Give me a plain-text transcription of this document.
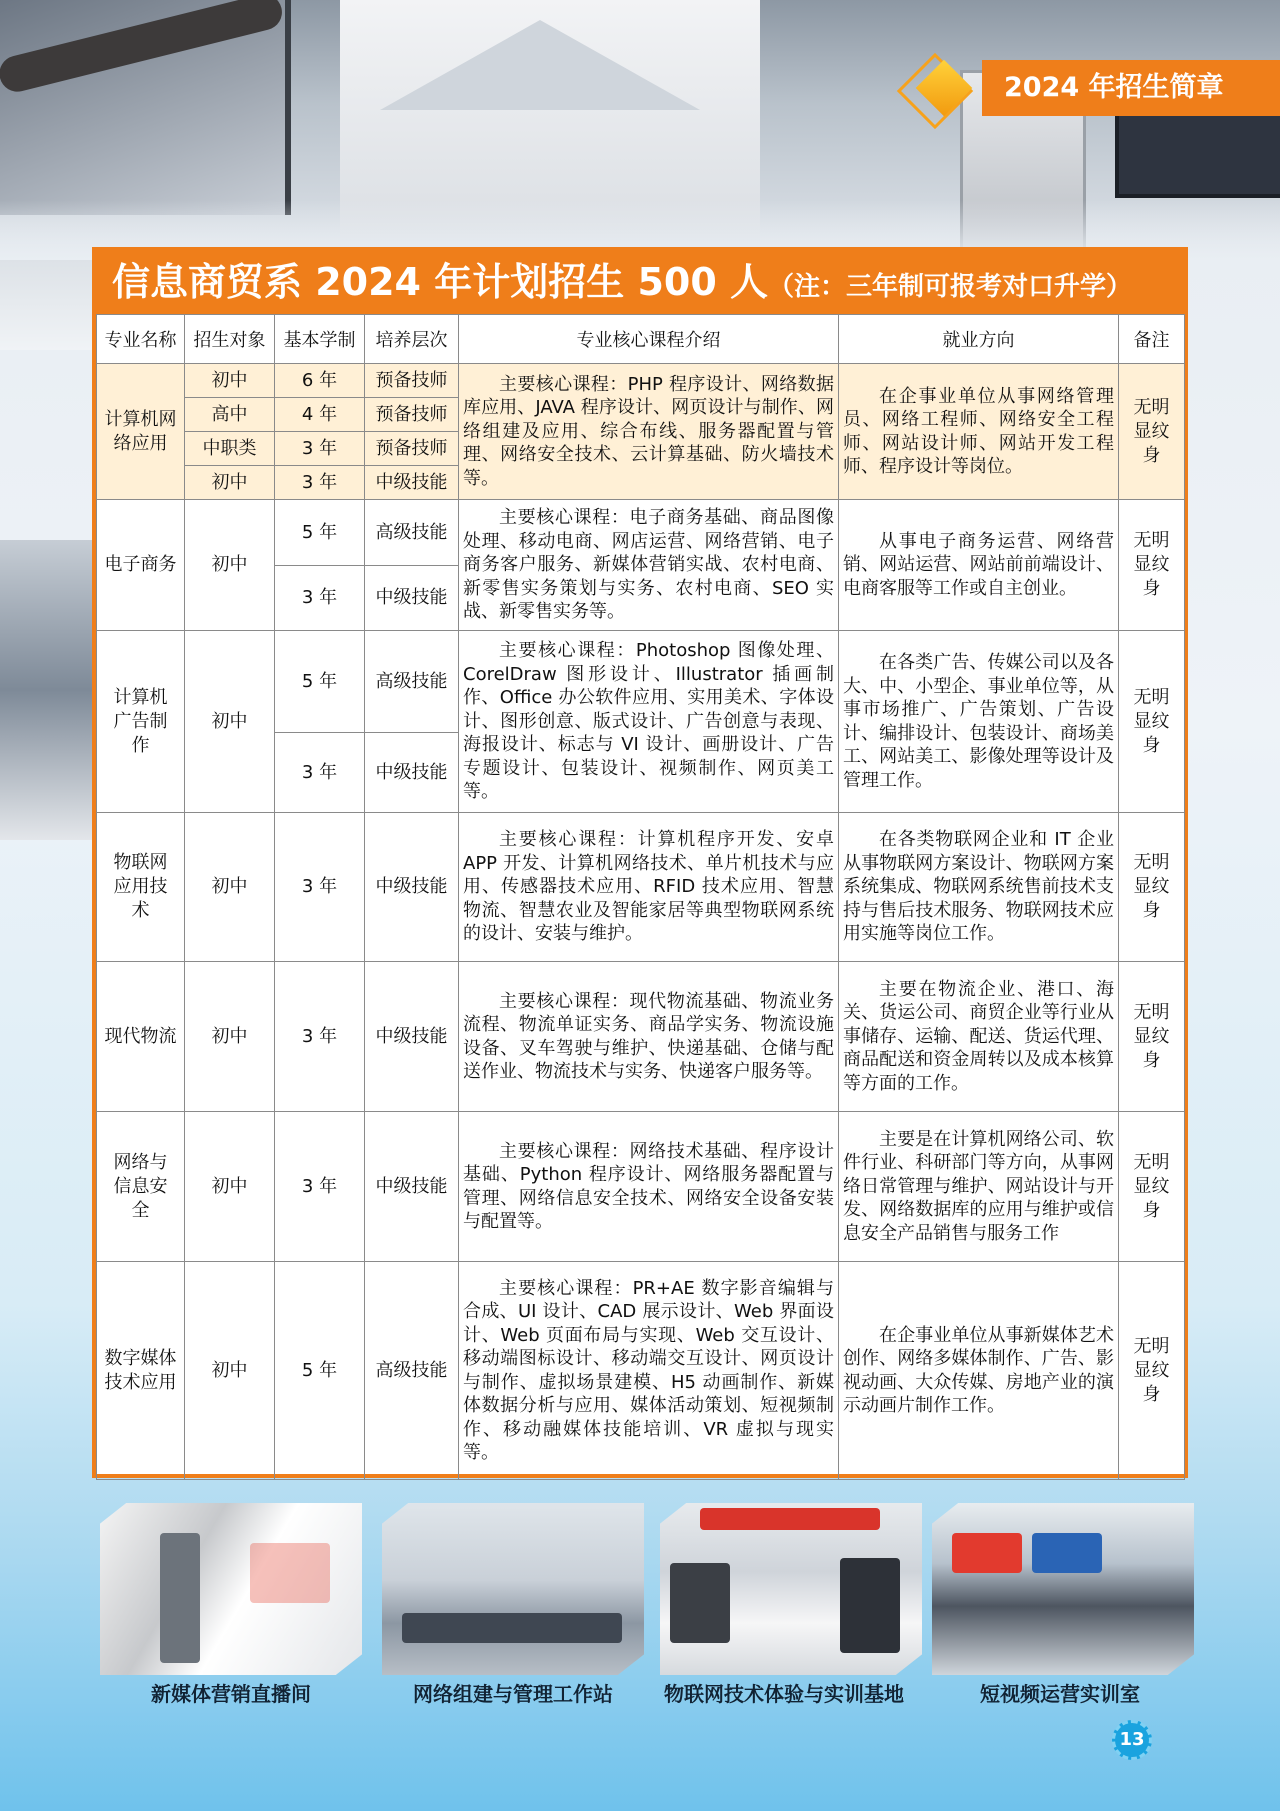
2024 年招生简章
信息商贸系 2024 年计划招生 500 人（注：三年制可报考对口升学）
专业名称	招生对象	基本学制	培养层次	专业核心课程介绍	就业方向	备注

计算机网络应用	初中	6 年	预备技师	主要核心课程：PHP 程序设计、网络数据库应用、JAVA 程序设计、网页设计与制作、网络组建及应用、综合布线、服务器配置与管理、网络安全技术、云计算基础、防火墙技术等。	在企事业单位从事网络管理员、网络工程师、网络安全工程师、网站设计师、网站开发工程师、程序设计等岗位。	无明显纹身

	高中	4 年	预备技师			
	中职类	3 年	预备技师			
	初中	3 年	中级技能			
电子商务	初中	5 年	高级技能	主要核心课程：电子商务基础、商品图像处理、移动电商、网店运营、网络营销、电子商务客户服务、新媒体营销实战、农村电商、新零售实务策划与实务、农村电商、SEO 实战、新零售实务等。	从事电子商务运营、网络营销、网站运营、网站前前端设计、电商客服等工作或自主创业。	无明显纹身

		3 年	中级技能			

计算机广告制作	初中	5 年	高级技能	主要核心课程：Photoshop 图像处理、CorelDraw 图形设计、Illustrator 插画制作、Office 办公软件应用、实用美术、字体设计、图形创意、版式设计、广告创意与表现、海报设计、标志与 VI 设计、画册设计、广告专题设计、包装设计、视频制作、网页美工等。	在各类广告、传媒公司以及各大、中、小型企、事业单位等，从事市场推广、广告策划、广告设计、编排设计、包装设计、商场美工、网站美工、影像处理等设计及管理工作。	无明显纹身

		3 年	中级技能			

物联网应用技术	初中	3 年	中级技能	主要核心课程：计算机程序开发、安卓 APP 开发、计算机网络技术、单片机技术与应用、传感器技术应用、RFID 技术应用、智慧物流、智慧农业及智能家居等典型物联网系统的设计、安装与维护。	在各类物联网企业和 IT 企业从事物联网方案设计、物联网方案系统集成、物联网系统售前技术支持与售后技术服务、物联网技术应用实施等岗位工作。	无明显纹身

现代物流	初中	3 年	中级技能	主要核心课程：现代物流基础、物流业务流程、物流单证实务、商品学实务、物流设施设备、叉车驾驶与维护、快递基础、仓储与配送作业、物流技术与实务、快递客户服务等。	主要在物流企业、港口、海关、货运公司、商贸企业等行业从事储存、运输、配送、货运代理、商品配送和资金周转以及成本核算等方面的工作。	无明显纹身

网络与信息安全	初中	3 年	中级技能	主要核心课程：网络技术基础、程序设计基础、Python 程序设计、网络服务器配置与管理、网络信息安全技术、网络安全设备安装与配置等。	主要是在计算机网络公司、软件行业、科研部门等方向，从事网络日常管理与维护、网站设计与开发、网络数据库的应用与维护或信息安全产品销售与服务工作	无明显纹身

数字媒体技术应用	初中	5 年	高级技能	主要核心课程：PR+AE 数字影音编辑与合成、UI 设计、CAD 展示设计、Web 界面设计、Web 页面布局与实现、Web 交互设计、移动端图标设计、移动端交互设计、网页设计与制作、虚拟场景建模、H5 动画制作、新媒体数据分析与应用、媒体活动策划、短视频制作、移动融媒体技能培训、VR 虚拟与现实等。	在企事业单位从事新媒体艺术创作、网络多媒体制作、广告、影视动画、大众传媒、房地产业的演示动画片制作工作。	无明显纹身
新媒体营销直播间	网络组建与管理工作站	物联网技术体验与实训基地	短视频运营实训室
13
